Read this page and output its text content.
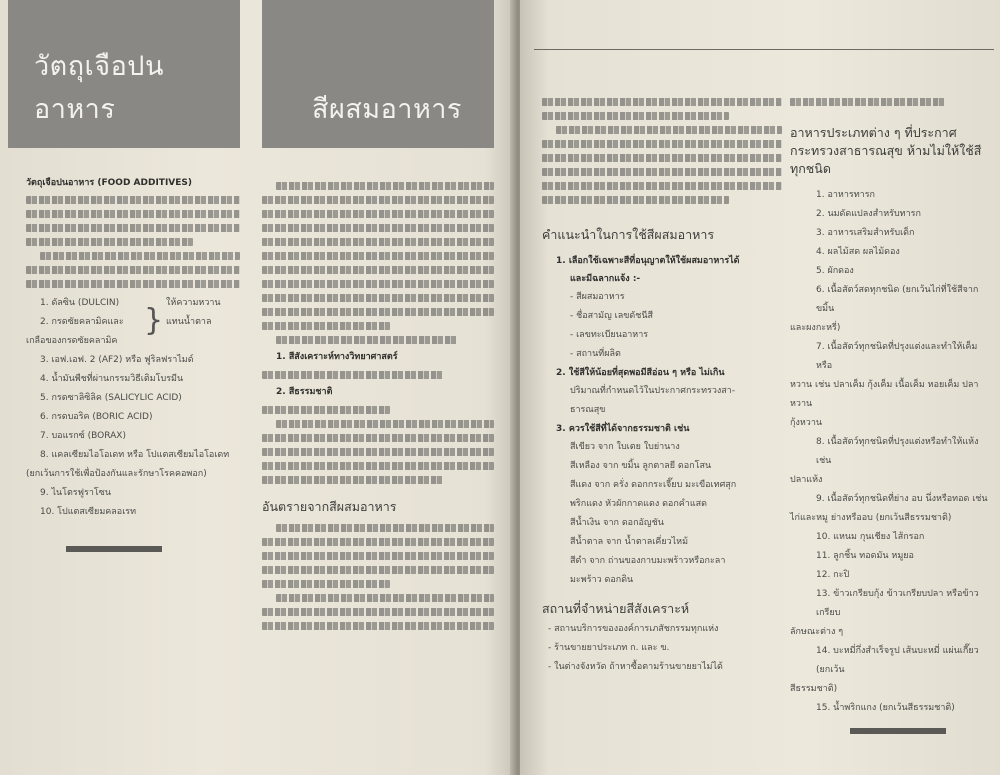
วัตถุเจือปนอาหาร	สีผสมอาหาร
วัตถุเจือปนอาหาร (FOOD ADDITIVES)
1. ดัลซิน (DULCIN)
2. กรดซัยคลามิคและ
เกลือของกรดซัยคลามิค
} ให้ความหวาน
แทนน้ำตาล
3. เอฟ.เอฟ. 2 (AF2) หรือ ฟูริลฟราไมด์
4. น้ำมันพืชที่ผ่านกรรมวิธีเติมโบรมีน
5. กรดซาลิซิลิค (SALICYLIC ACID)
6. กรดบอริค (BORIC ACID)
7. บอแรกซ์ (BORAX)
8. แคลเซียมไอโอเดท หรือ โปแตสเซียมไอโอเดท
(ยกเว้นการใช้เพื่อป้องกันและรักษาโรคคอพอก)
9. ไนโตรฟูราโซน
10. โปแตสเซียมคลอเรท
1. สีสังเคราะห์ทางวิทยาศาสตร์
2. สีธรรมชาติ
อันตรายจากสีผสมอาหาร
คำแนะนำในการใช้สีผสมอาหาร
1. เลือกใช้เฉพาะสีที่อนุญาตให้ใช้ผสมอาหารได้
และมีฉลากแจ้ง :-
- สีผสมอาหาร
- ชื่อสามัญ เลขดัชนีสี
- เลขทะเบียนอาหาร
- สถานที่ผลิต
2. ใช้สีให้น้อยที่สุดพอมีสีอ่อน ๆ หรือ ไม่เกิน
ปริมาณที่กำหนดไว้ในประกาศกระทรวงสา-
ธารณสุข
3. ควรใช้สีที่ได้จากธรรมชาติ เช่น
สีเขียว จาก ใบเตย ใบย่านาง
สีเหลือง จาก ขมิ้น ลูกตาลยี ดอกโสน
สีแดง จาก ครั่ง ดอกกระเจี๊ยบ มะเขือเทศสุก
พริกแดง หัวผักกาดแดง ดอกคำแสด
สีน้ำเงิน จาก ดอกอัญชัน
สีน้ำตาล จาก น้ำตาลเคี่ยวไหม้
สีดำ จาก ถ่านของกาบมะพร้าวหรือกะลา
มะพร้าว ดอกดิน
สถานที่จำหน่ายสีสังเคราะห์
- สถานบริการขององค์การเภสัชกรรมทุกแห่ง
- ร้านขายยาประเภท ก. และ ข.
- ในต่างจังหวัด ถ้าหาซื้อตามร้านขายยาไม่ได้
อาหารประเภทต่าง ๆ ที่ประกาศกระทรวงสาธารณสุข ห้ามไม่ให้ใช้สีทุกชนิด
1. อาหารทารก
2. นมดัดแปลงสำหรับทารก
3. อาหารเสริมสำหรับเด็ก
4. ผลไม้สด ผลไม้ดอง
5. ผักดอง
6. เนื้อสัตว์สดทุกชนิด (ยกเว้นไก่ที่ใช้สีจากขมิ้น
และผงกะหรี่)
7. เนื้อสัตว์ทุกชนิดที่ปรุงแต่งและทำให้เค็มหรือ
หวาน เช่น ปลาเค็ม กุ้งเค็ม เนื้อเค็ม หอยเค็ม ปลาหวาน
กุ้งหวาน
8. เนื้อสัตว์ทุกชนิดที่ปรุงแต่งหรือทำให้แห้ง เช่น
ปลาแห้ง
9. เนื้อสัตว์ทุกชนิดที่ย่าง อบ นึ่งหรือทอด เช่น
ไก่และหมู ย่างหรืออบ (ยกเว้นสีธรรมชาติ)
10. แหนม กุนเชียง ไส้กรอก
11. ลูกชิ้น ทอดมัน หมูยอ
12. กะปิ
13. ข้าวเกรียบกุ้ง ข้าวเกรียบปลา หรือข้าวเกรียบ
ลักษณะต่าง ๆ
14. บะหมี่กึ่งสำเร็จรูป เส้นบะหมี่ แผ่นเกี๊ยว (ยกเว้น
สีธรรมชาติ)
15. น้ำพริกแกง (ยกเว้นสีธรรมชาติ)
